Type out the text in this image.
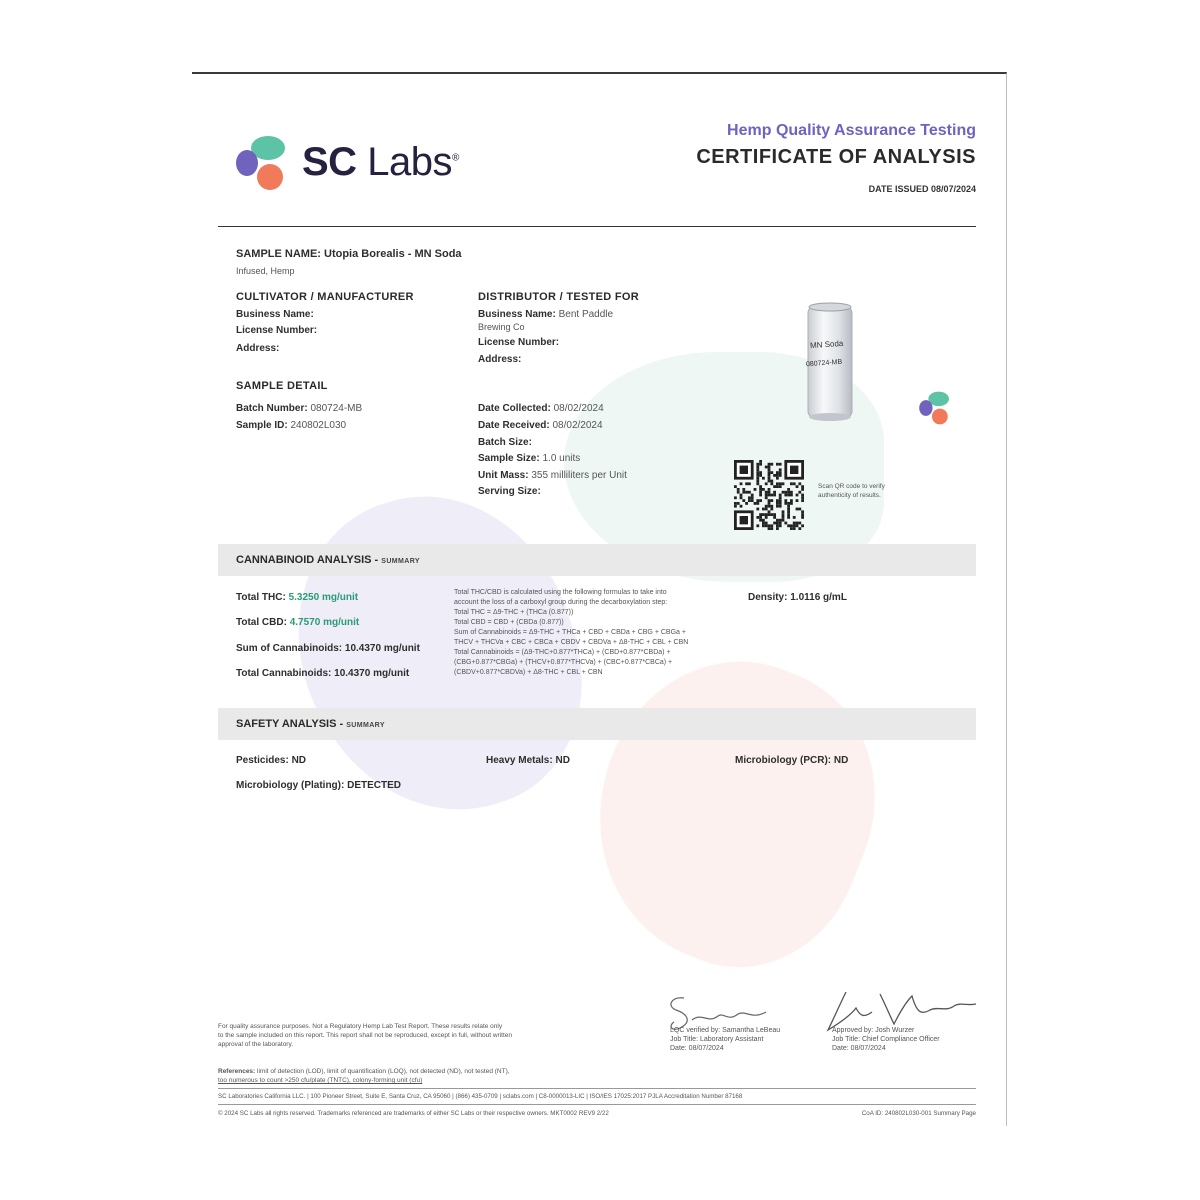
SC Labs®
Hemp Quality Assurance Testing
CERTIFICATE OF ANALYSIS
DATE ISSUED 08/07/2024
SAMPLE NAME: Utopia Borealis - MN Soda
Infused, Hemp
CULTIVATOR / MANUFACTURER
Business Name:
License Number:
Address:
DISTRIBUTOR / TESTED FOR
Business Name: Bent Paddle
Brewing Co
License Number:
Address:
MN Soda
080724-MB
SAMPLE DETAIL
Batch Number: 080724-MB
Sample ID: 240802L030
Date Collected: 08/02/2024
Date Received: 08/02/2024
Batch Size:
Sample Size: 1.0 units
Unit Mass: 355 milliliters per Unit
Serving Size:	Scan QR code to verify
authenticity of results.
CANNABINOID ANALYSIS - SUMMARY
Total THC: 5.3250 mg/unit
Total CBD: 4.7570 mg/unit
Sum of Cannabinoids: 10.4370 mg/unit
Total Cannabinoids: 10.4370 mg/unit
Total THC/CBD is calculated using the following formulas to take into
account the loss of a carboxyl group during the decarboxylation step:
Total THC = Δ9-THC + (THCa (0.877))
Total CBD = CBD + (CBDa (0.877))
Sum of Cannabinoids = Δ9-THC + THCa + CBD + CBDa + CBG + CBGa +
THCV + THCVa + CBC + CBCa + CBDV + CBDVa + Δ8-THC + CBL + CBN
Total Cannabinoids = (Δ9-THC+0.877*THCa) + (CBD+0.877*CBDa) +
(CBG+0.877*CBGa) + (THCV+0.877*THCVa) + (CBC+0.877*CBCa) +
(CBDV+0.877*CBDVa) + Δ8-THC + CBL + CBN
Density: 1.0116 g/mL
SAFETY ANALYSIS - SUMMARY
Pesticides: ND	Heavy Metals: ND	Microbiology (PCR): ND
Microbiology (Plating): DETECTED
For quality assurance purposes. Not a Regulatory Hemp Lab Test Report. These results relate only
to the sample included on this report. This report shall not be reproduced, except in full, without written
approval of the laboratory.
LQC verified by: Samantha LeBeau
Job Title: Laboratory Assistant
Date: 08/07/2024
Approved by: Josh Wurzer
Job Title: Chief Compliance Officer
Date: 08/07/2024
References: limit of detection (LOD), limit of quantification (LOQ), not detected (ND), not tested (NT),
too numerous to count >250 cfu/plate (TNTC), colony-forming unit (cfu)
SC Laboratories California LLC. | 100 Pioneer Street, Suite E, Santa Cruz, CA 95060 | (866) 435-0709 | sclabs.com | C8-0000013-LIC | ISO/IES 17025:2017 PJLA Accreditation Number 87168
© 2024 SC Labs all rights reserved. Trademarks referenced are trademarks of either SC Labs or their respective owners. MKT0002 REV9 2/22	CoA ID: 240802L030-001 Summary Page
